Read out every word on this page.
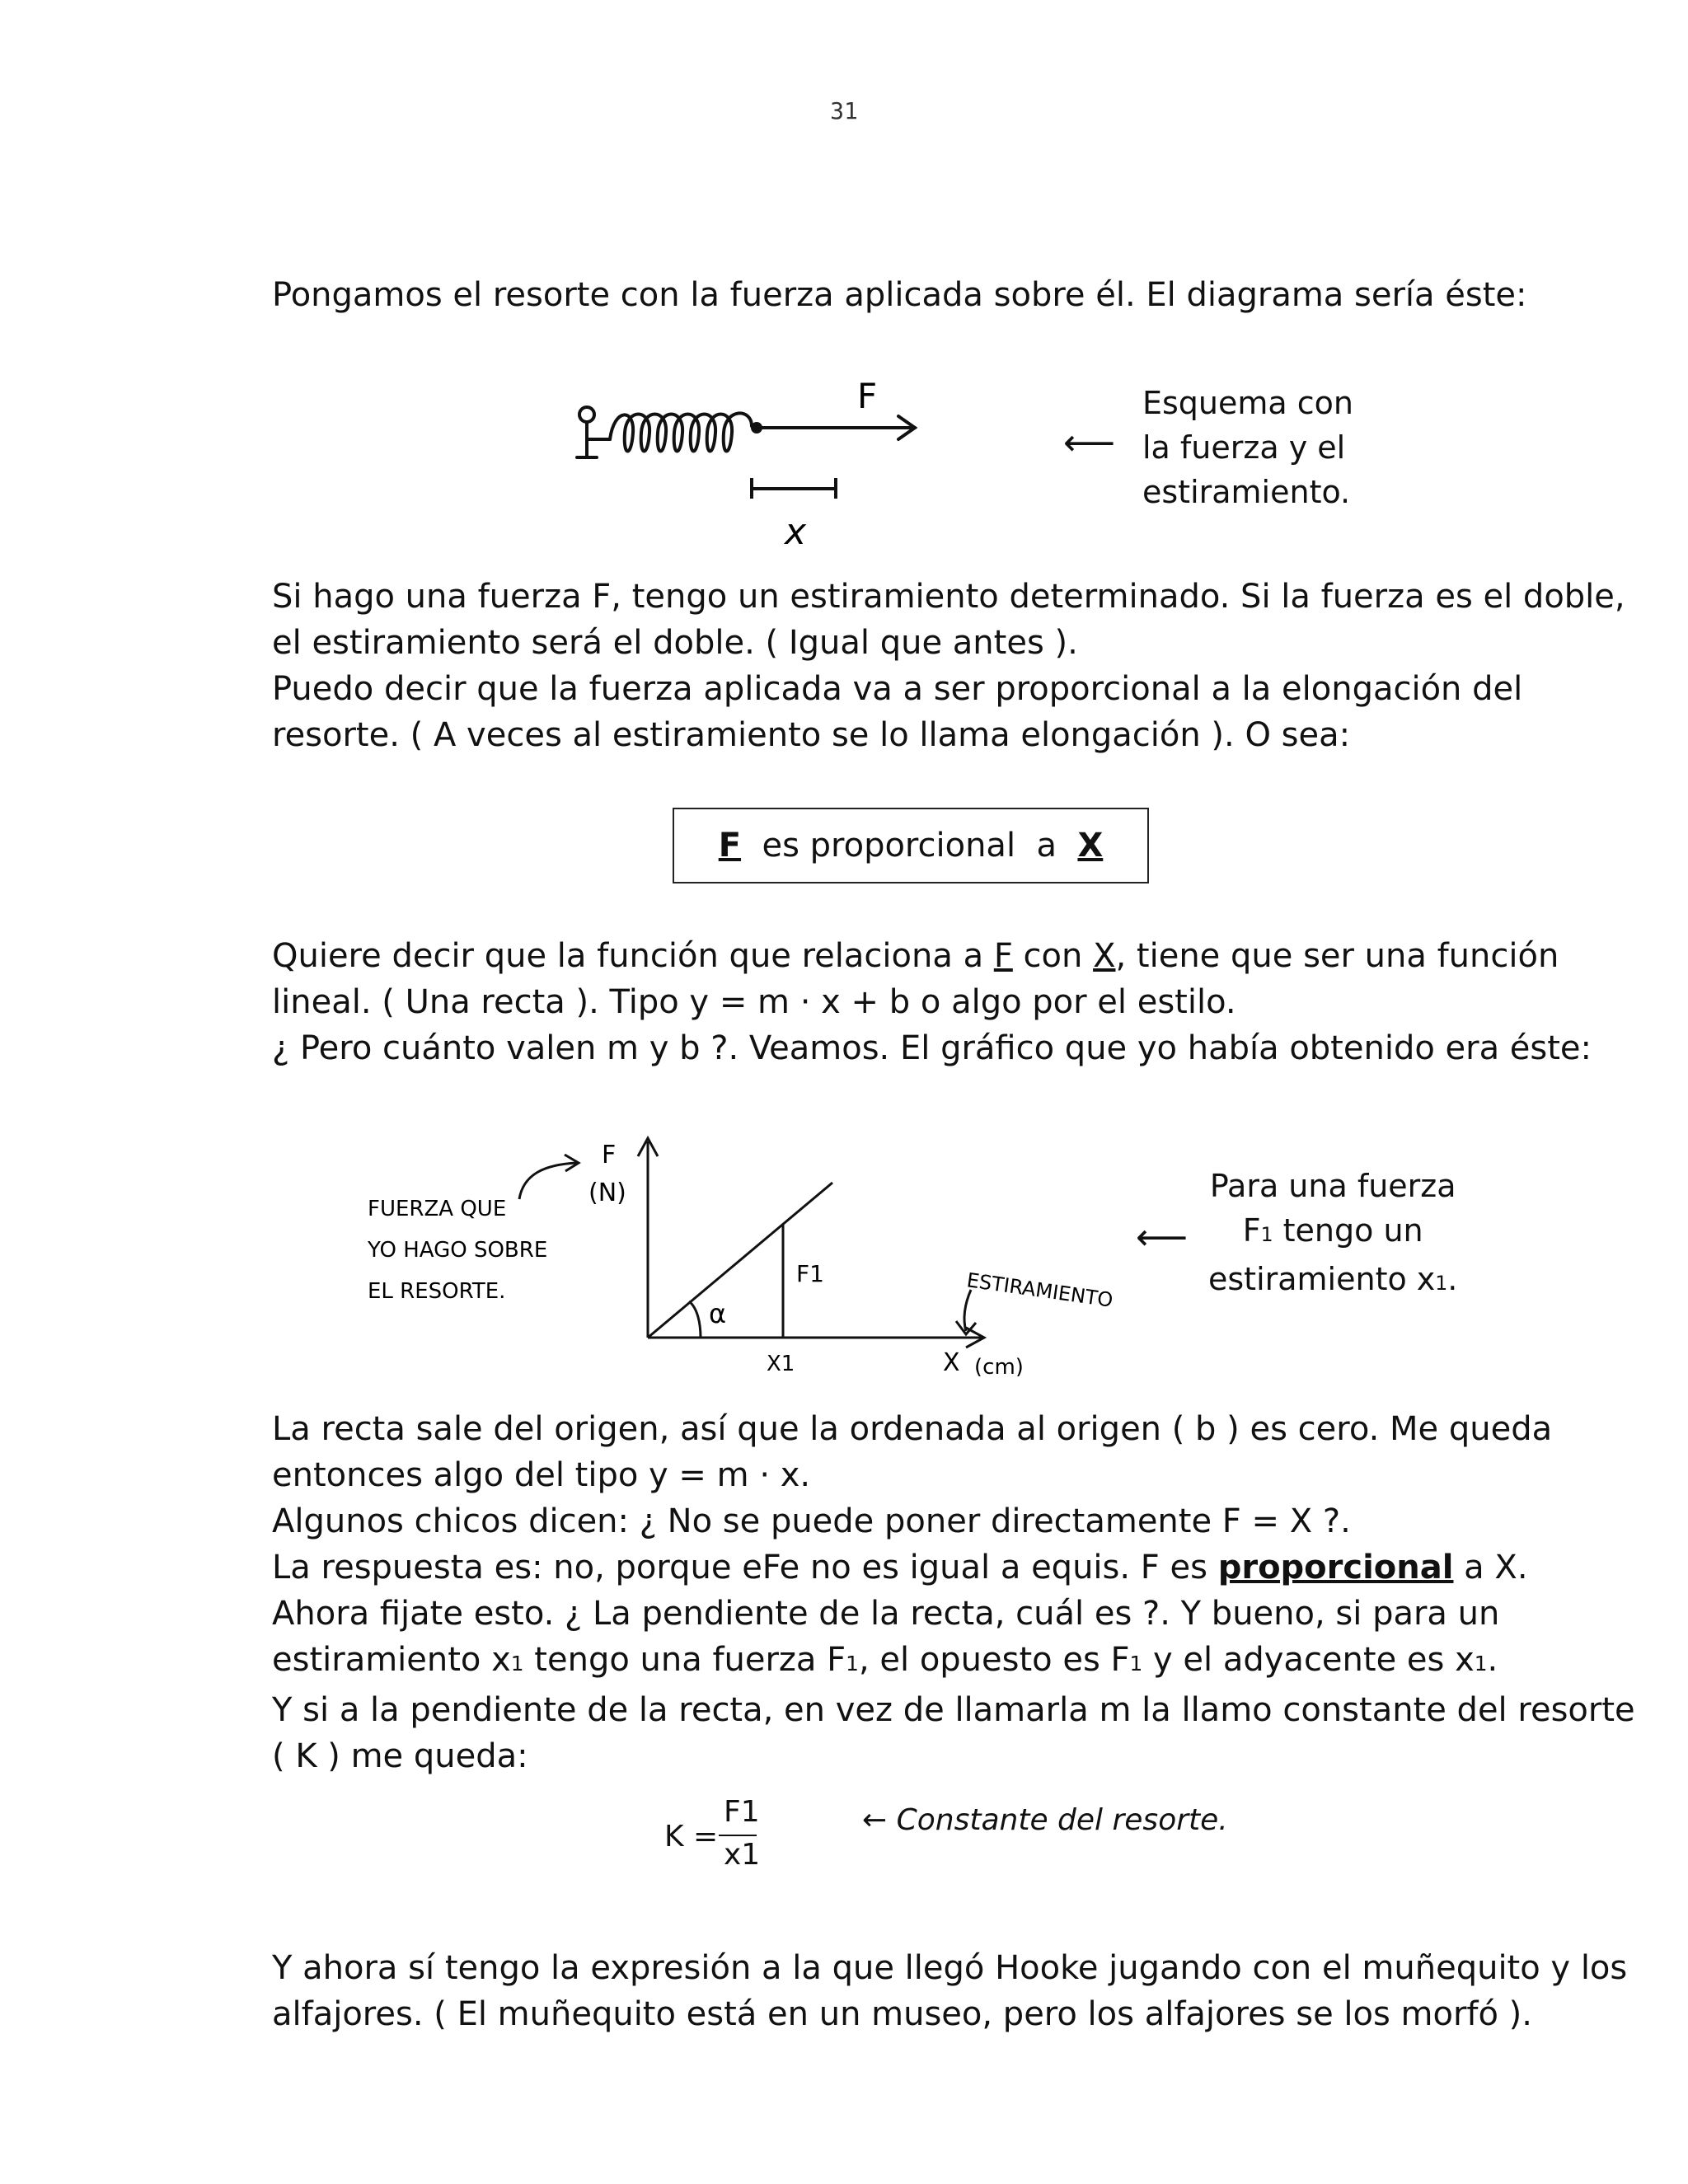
31
Pongamos el resorte con la fuerza aplicada sobre él. El diagrama sería éste:
F
x
⟵
Esquema con
la fuerza y el
estiramiento.
Si hago una fuerza F, tengo un estiramiento determinado. Si la fuerza es el doble,
el estiramiento será el doble. ( Igual que antes ).
Puedo decir que la fuerza aplicada va a ser proporcional a la elongación del
resorte. ( A veces al estiramiento se lo llama elongación ). O sea:
F es proporcional  a X
Quiere decir que la función que relaciona a F con X, tiene que ser una función
lineal. ( Una recta ). Tipo y = m · x + b o algo por el estilo.
¿ Pero cuánto valen m y b ?. Veamos. El gráfico que yo había obtenido era éste:
FUERZA QUE
YO HAGO SOBRE
EL RESORTE.
F
(N)
F1
α
X1	X (cm)
ESTIRAMIENTO
⟵
Para una fuerza
F1 tengo un
estiramiento x1.
La recta sale del origen, así que la ordenada al origen ( b ) es cero. Me queda
entonces algo del tipo y = m · x.
Algunos chicos dicen: ¿ No se puede poner directamente F = X ?.
La respuesta es: no, porque eFe no es igual a equis. F es proporcional a X.
Ahora fijate esto. ¿ La pendiente de la recta, cuál es ?. Y bueno, si para un
estiramiento x1 tengo una fuerza F1, el opuesto es F1 y el adyacente es x1.
Y si a la pendiente de la recta, en vez de llamarla m la llamo constante del resorte
( K ) me queda:
K =
F1
x1
← Constante del resorte.
Y ahora sí tengo la expresión a la que llegó Hooke jugando con el muñequito y los
alfajores. ( El muñequito está en un museo, pero los alfajores se los morfó ).
